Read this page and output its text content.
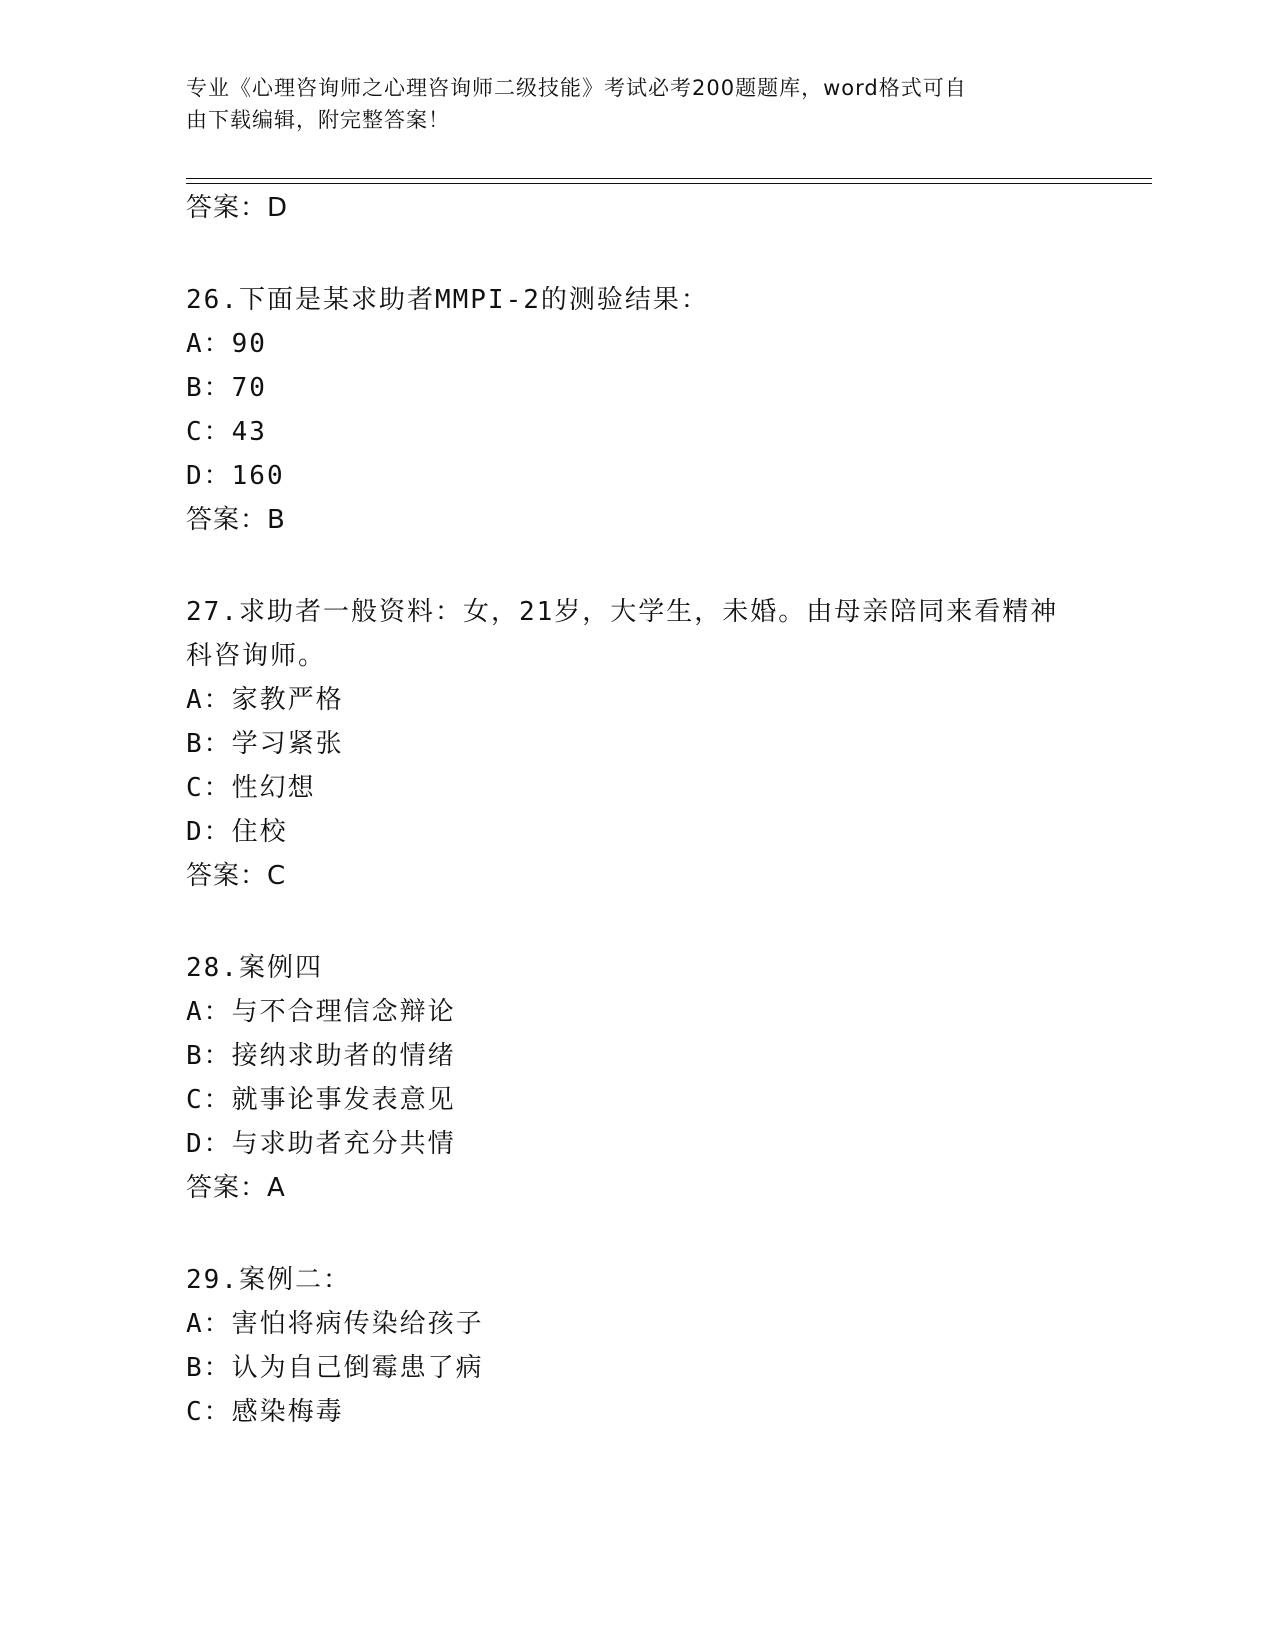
专业《心理咨询师之心理咨询师二级技能》考试必考200题题库，word格式可自
由下载编辑，附完整答案！
答案：D
26.下面是某求助者MMPI-2的测验结果：
A：90
B：70
C：43
D：160
答案：B
27.求助者一般资料：女，21岁，大学生，未婚。由母亲陪同来看精神
科咨询师。
A：家教严格
B：学习紧张
C：性幻想
D：住校
答案：C
28.案例四
A：与不合理信念辩论
B：接纳求助者的情绪
C：就事论事发表意见
D：与求助者充分共情
答案：A
29.案例二：
A：害怕将病传染给孩子
B：认为自己倒霉患了病
C：感染梅毒
